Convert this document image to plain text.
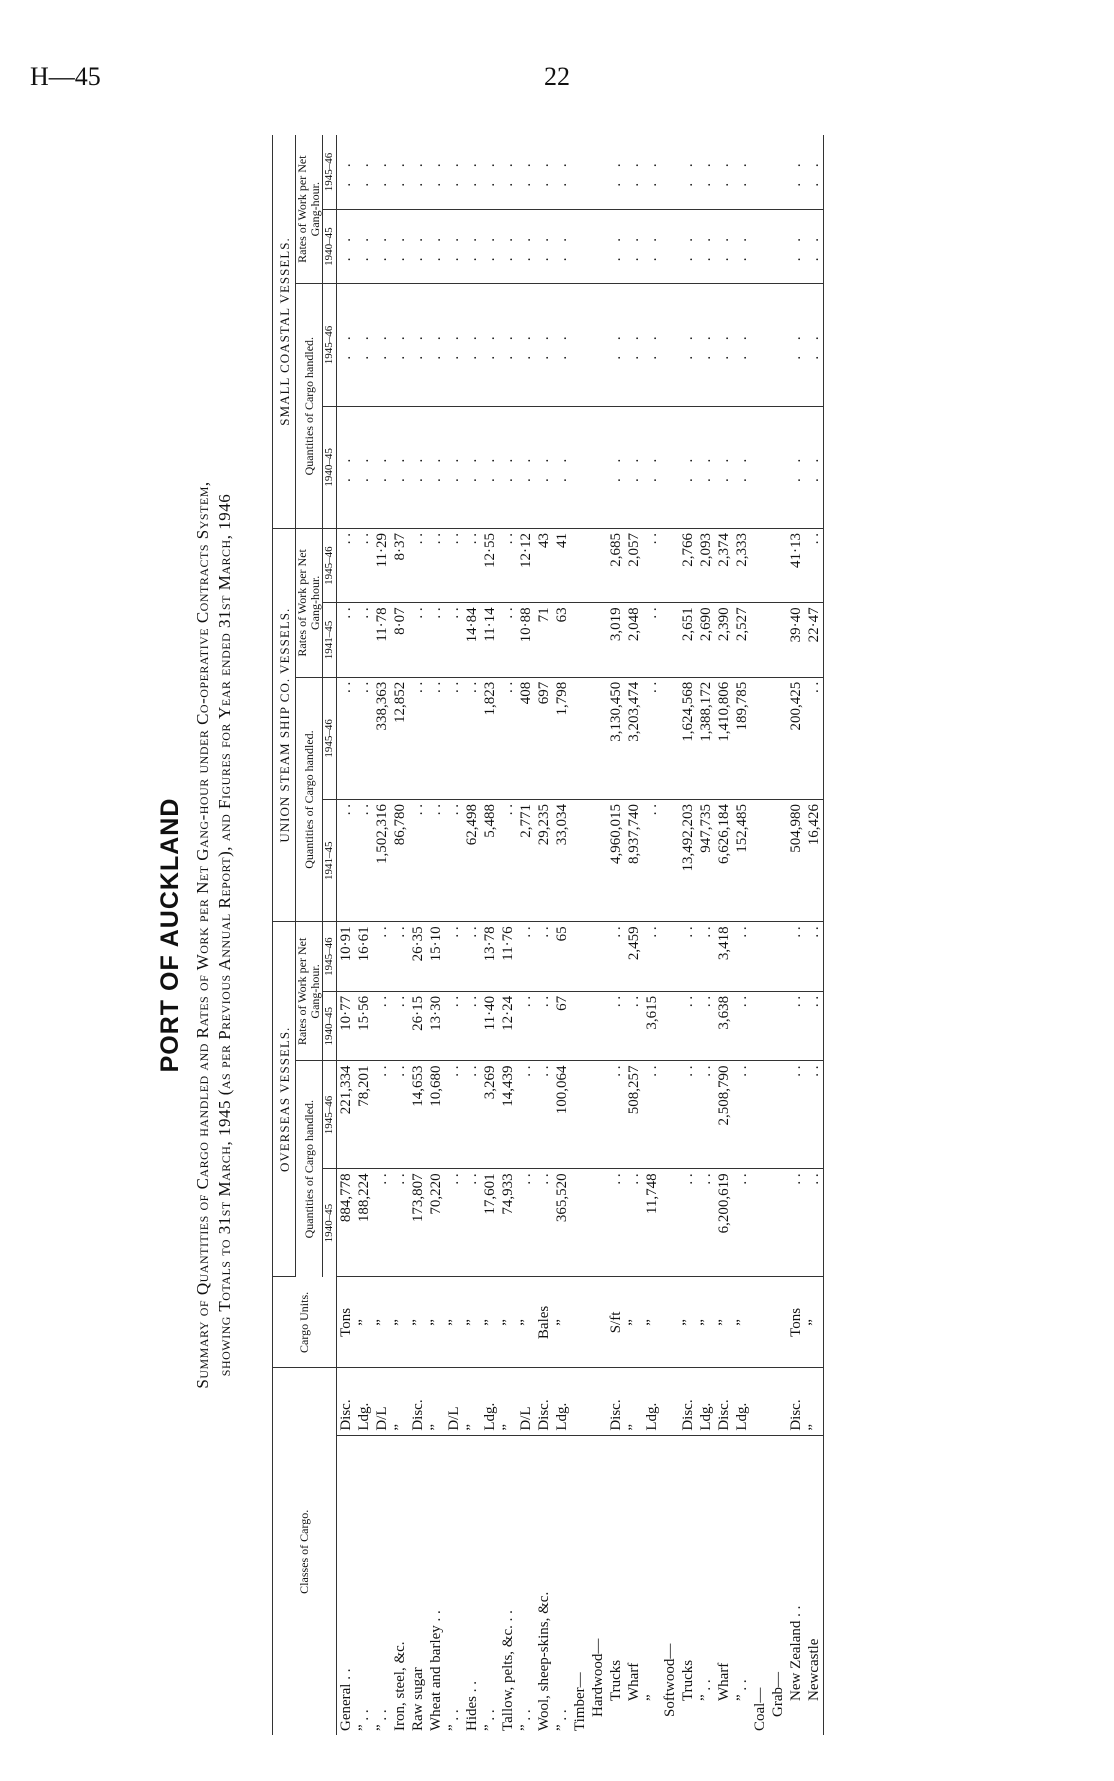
H—45	22
PORT OF AUCKLAND Summary of Quantities of Cargo handled and Rates of Work per Net Gang-hour under Co-operative Contracts System, showing Totals to 31st March, 1945 (as per Previous Annual Report), and Figures for Year ended 31st March, 1946
Classes of Cargo.		Cargo Units.	OVERSEAS VESSELS.				UNION STEAM SHIP CO. VESSELS.				SMALL COASTAL VESSELS.			
			Quantities of Cargo handled.		Rates of Work per Net Gang-hour.		Quantities of Cargo handled.		Rates of Work per Net Gang-hour.		Quantities of Cargo handled.		Rates of Work per Net Gang-hour.	
			1940–45	1945–46	1940–45	1945–46	1941–45	1945–46	1941–45	1945–46	1940–45	1945–46	1940–45	1945–46
General . .	Disc.	Tons	884,778	221,334	10·77	10·91	. .	. .	. .	. .	. .	. .	. .	. .
” . .	Ldg.	”	188,224	78,201	15·56	16·61	. .	. .	. .	. .	. .	. .	. .	. .
” . .	D/L	”	. .	. .	. .	. .	1,502,316	338,363	11·78	11·29	. .	. .	. .	. .
Iron, steel, &c.	”	”	. .	. .	. .	. .	86,780	12,852	8·07	8·37	. .	. .	. .	. .
Raw sugar	Disc.	”	173,807	14,653	26·15	26·35	. .	. .	. .	. .	. .	. .	. .	. .
Wheat and barley . .	”	”	70,220	10,680	13·30	15·10	. .	. .	. .	. .	. .	. .	. .	. .
” . .	D/L	”	. .	. .	. .	. .	. .	. .	. .	. .	. .	. .	. .	. .
Hides . .	”	”	. .	. .	. .	. .	62,498	. .	14·84	. .	. .	. .	. .	. .
” . .	Ldg.	”	17,601	3,269	11·40	13·78	5,488	1,823	11·14	12·55	. .	. .	. .	. .
Tallow, pelts, &c. . .	”	”	74,933	14,439	12·24	11·76	. .	. .	. .	. .	. .	. .	. .	. .
” . .	D/L	”	. .	. .	. .	. .	2,771	408	10·88	12·12	. .	. .	. .	. .
Wool, sheep-skins, &c.	Disc.	Bales	. .	. .	. .	. .	29,235	697	71	43	. .	. .	. .	. .
” . .	Ldg.	”	365,520	100,064	67	65	33,034	1,798	63	41	. .	. .	. .	. .
Timber—														
Hardwood—														
Trucks	Disc.	S/ft	. .	. .	. .	. .	4,960,015	3,130,450	3,019	2,685	. .	. .	. .	. .
Wharf	”	”	. .	508,257	. .	2,459	8,937,740	3,203,474	2,048	2,057	. .	. .	. .	. .
”	Ldg.	”	11,748	. .	3,615	. .	. .	. .	. .	. .	. .	. .	. .	. .
Softwood—														
Trucks	Disc.	”	. .	. .	. .	. .	13,492,203	1,624,568	2,651	2,766	. .	. .	. .	. .
” . .	Ldg.	”	. .	. .	. .	. .	947,735	1,388,172	2,690	2,093	. .	. .	. .	. .
Wharf	Disc.	”	6,200,619	2,508,790	3,638	3,418	6,626,184	1,410,806	2,390	2,374	. .	. .	. .	. .
” . .	Ldg.	”	. .	. .	. .	. .	152,485	189,785	2,527	2,333	. .	. .	. .	. .
Coal—														
Grab—														
New Zealand . .	Disc.	Tons	. .	. .	. .	. .	504,980	200,425	39·40	41·13	. .	. .	. .	. .
Newcastle	”	”	. .	. .	. .	. .	16,426	. .	22·47	. .	. .	. .	. .	. .
